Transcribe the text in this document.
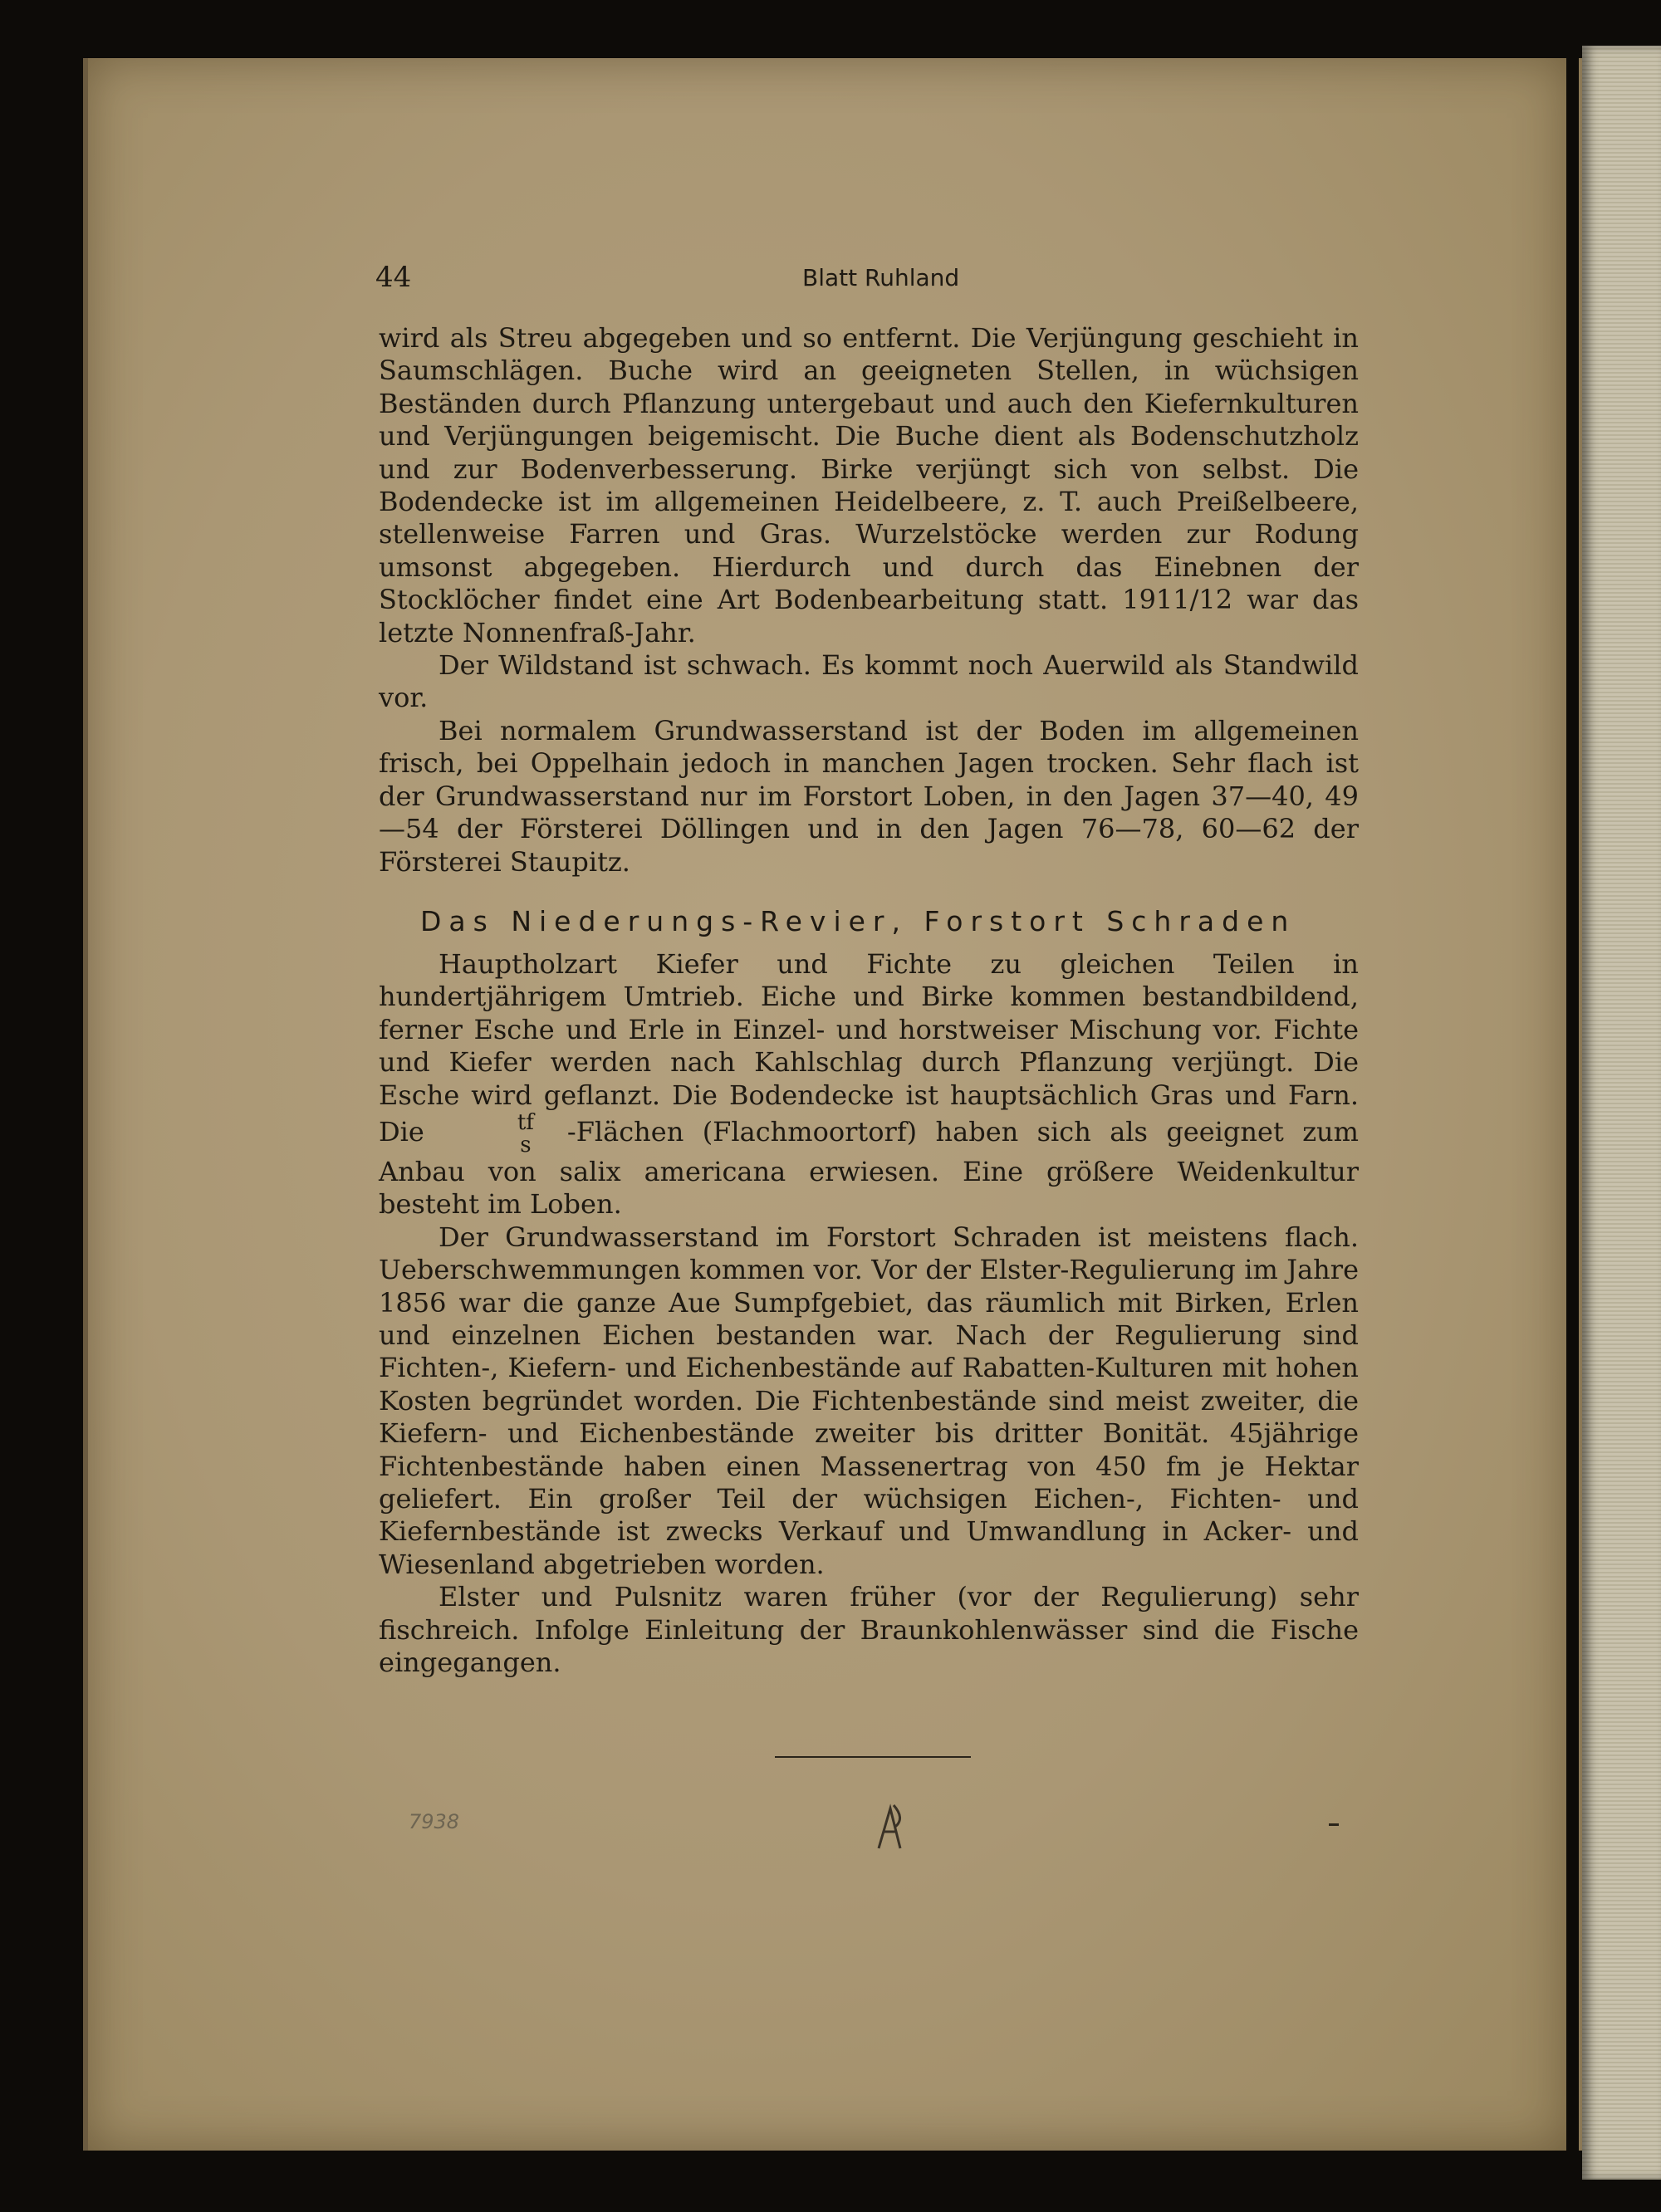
44	Blatt Ruhland

wird als Streu abgegeben und so entfernt. Die Verjüngung geschieht in Saumschlägen. Buche wird an geeigneten Stellen, in wüchsigen Beständen durch Pflanzung untergebaut und auch den Kiefernkulturen und Verjüngungen beigemischt. Die Buche dient als Bodenschutzholz und zur Bodenverbesserung. Birke verjüngt sich von selbst. Die Bodendecke ist im allgemeinen Heidelbeere, z. T. auch Preißelbeere, stellenweise Farren und Gras. Wurzelstöcke werden zur Rodung umsonst abgegeben. Hierdurch und durch das Einebnen der Stocklöcher findet eine Art Bodenbearbeitung statt. 1911/12 war das letzte Nonnenfraß-Jahr.

Der Wildstand ist schwach. Es kommt noch Auerwild als Standwild vor.

Bei normalem Grundwasserstand ist der Boden im allgemeinen frisch, bei Oppelhain jedoch in manchen Jagen trocken. Sehr flach ist der Grundwasserstand nur im Forstort Loben, in den Jagen 37—40, 49—54 der Försterei Döllingen und in den Jagen 76—78, 60—62 der Försterei Staupitz.

Das Niederungs-Revier, Forstort Schraden

Hauptholzart Kiefer und Fichte zu gleichen Teilen in hundertjährigem Umtrieb. Eiche und Birke kommen bestandbildend, ferner Esche und Erle in Einzel- und horstweiser Mischung vor. Fichte und Kiefer werden nach Kahlschlag durch Pflanzung verjüngt. Die Esche wird geflanzt. Die Bodendecke ist hauptsächlich Gras und Farn. Die	tf
s -Flächen (Flachmoortorf) haben sich als geeignet zum Anbau von salix americana erwiesen. Eine größere Weidenkultur besteht im Loben.

Der Grundwasserstand im Forstort Schraden ist meistens flach. Ueberschwemmungen kommen vor. Vor der Elster-Regulierung im Jahre 1856 war die ganze Aue Sumpfgebiet, das räumlich mit Birken, Erlen und einzelnen Eichen bestanden war. Nach der Regulierung sind Fichten-, Kiefern- und Eichenbestände auf Rabatten-Kulturen mit hohen Kosten begründet worden. Die Fichtenbestände sind meist zweiter, die Kiefern- und Eichenbestände zweiter bis dritter Bonität. 45jährige Fichtenbestände haben einen Massenertrag von 450 fm je Hektar geliefert. Ein großer Teil der wüchsigen Eichen-, Fichten- und Kiefernbestände ist zwecks Verkauf und Umwandlung in Acker- und Wiesenland abgetrieben worden.

Elster und Pulsnitz waren früher (vor der Regulierung) sehr fischreich. Infolge Einleitung der Braunkohlenwässer sind die Fische eingegangen.

7938
